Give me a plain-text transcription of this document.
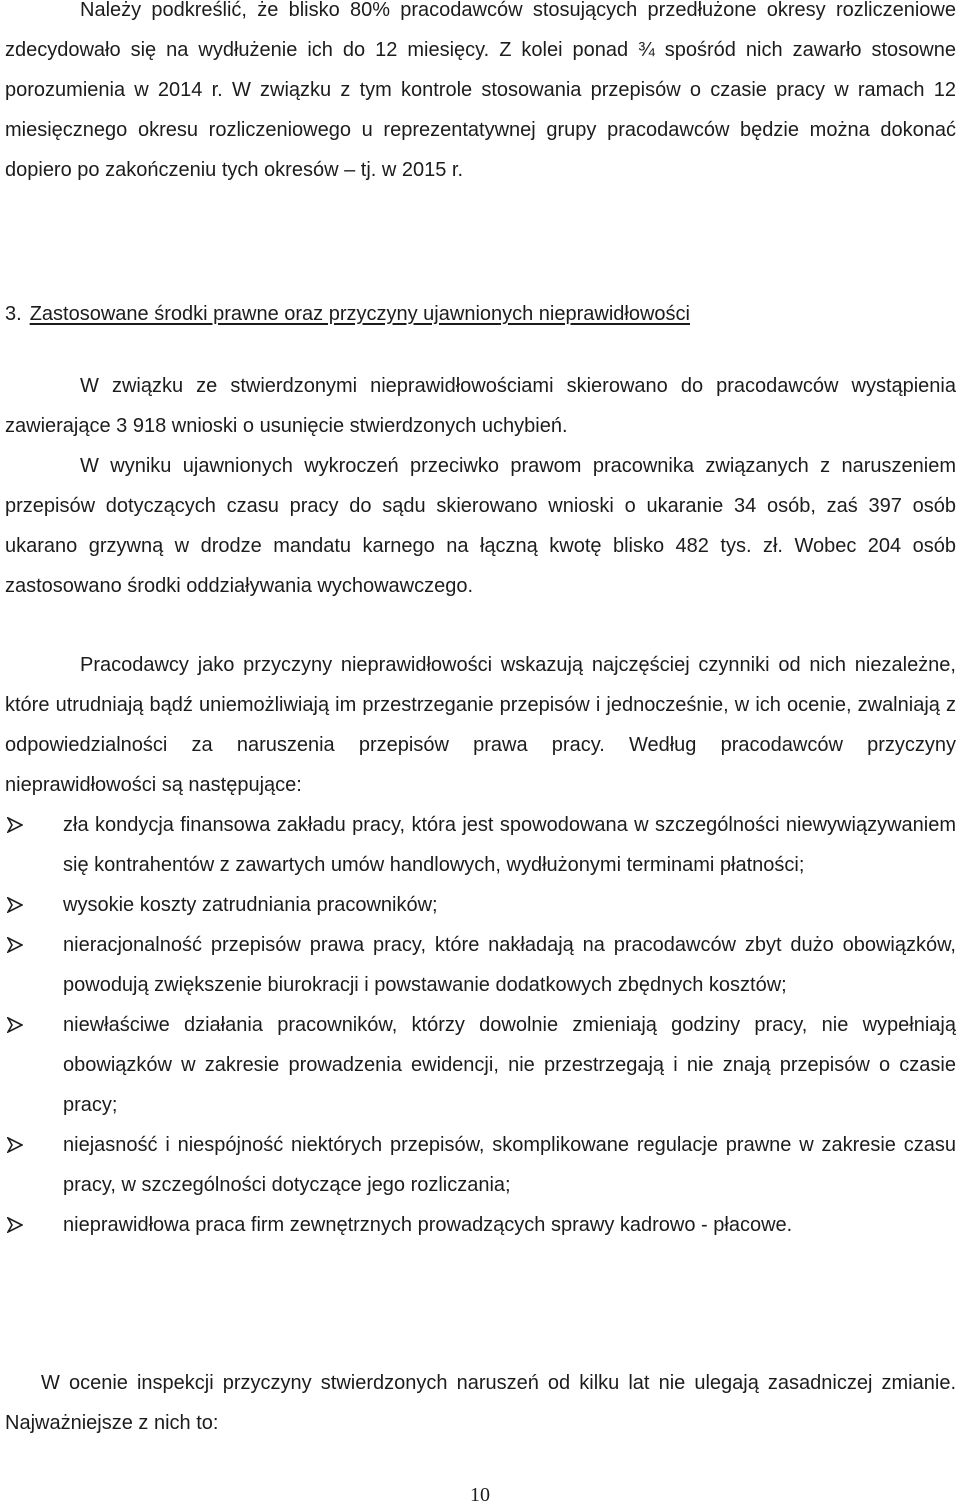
Należy podkreślić, że blisko 80% pracodawców stosujących przedłużone okresy rozliczeniowe zdecydowało się na wydłużenie ich do 12 miesięcy. Z kolei ponad ¾ spośród nich zawarło stosowne porozumienia w 2014 r. W związku z tym kontrole stosowania przepisów o czasie pracy w ramach 12 miesięcznego okresu rozliczeniowego u reprezentatywnej grupy pracodawców będzie można dokonać dopiero po zakończeniu tych okresów – tj. w 2015 r.

3. Zastosowane środki prawne oraz przyczyny ujawnionych nieprawidłowości

W związku ze stwierdzonymi nieprawidłowościami skierowano do pracodawców wystąpienia zawierające 3 918 wnioski o usunięcie stwierdzonych uchybień.

W wyniku ujawnionych wykroczeń przeciwko prawom pracownika związanych z naruszeniem przepisów dotyczących czasu pracy do sądu skierowano wnioski o ukaranie 34 osób, zaś 397 osób ukarano grzywną w drodze mandatu karnego na łączną kwotę blisko 482 tys. zł. Wobec 204 osób zastosowano środki oddziaływania wychowawczego.

Pracodawcy jako przyczyny nieprawidłowości wskazują najczęściej czynniki od nich niezależne, które utrudniają bądź uniemożliwiają im przestrzeganie przepisów i jednocześnie, w ich ocenie, zwalniają z odpowiedzialności za naruszenia przepisów prawa pracy. Według pracodawców przyczyny nieprawidłowości są następujące:

zła kondycja finansowa zakładu pracy, która jest spowodowana w szczególności niewywiązywaniem się kontrahentów z zawartych umów handlowych, wydłużonymi terminami płatności;
wysokie koszty zatrudniania pracowników;
nieracjonalność przepisów prawa pracy, które nakładają na pracodawców zbyt dużo obowiązków, powodują zwiększenie biurokracji i powstawanie dodatkowych zbędnych kosztów;
niewłaściwe działania pracowników, którzy dowolnie zmieniają godziny pracy, nie wypełniają obowiązków w zakresie prowadzenia ewidencji, nie przestrzegają i nie znają przepisów o czasie pracy;
niejasność i niespójność niektórych przepisów, skomplikowane regulacje prawne w zakresie czasu pracy, w szczególności dotyczące jego rozliczania;
nieprawidłowa praca firm zewnętrznych prowadzących sprawy kadrowo - płacowe.

W ocenie inspekcji przyczyny stwierdzonych naruszeń od kilku lat nie ulegają zasadniczej zmianie. Najważniejsze z nich to:

10
